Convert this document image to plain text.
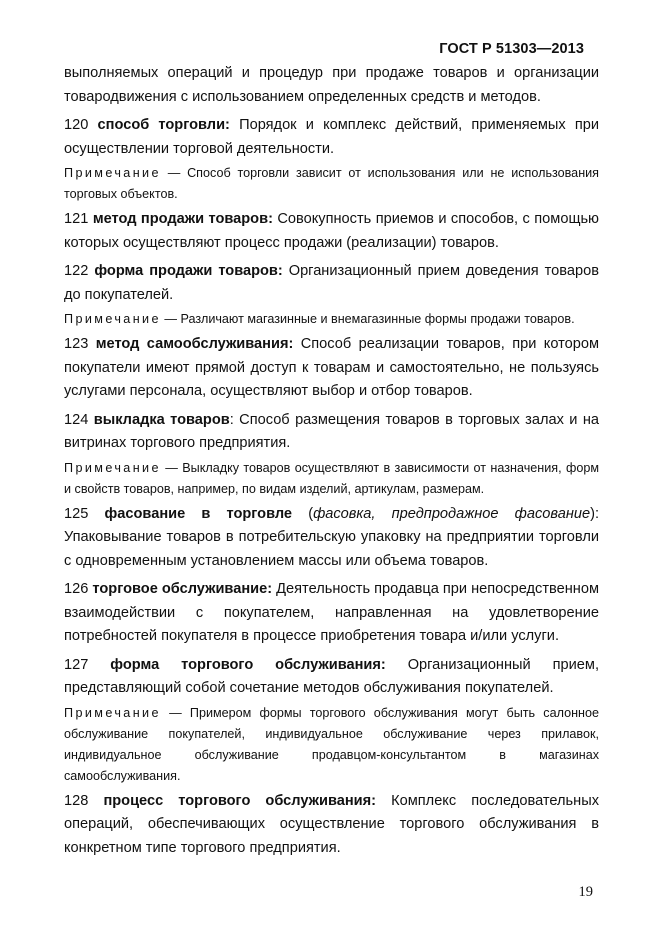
ГОСТ Р 51303—2013

выполняемых операций и процедур при продаже товаров и организации товародвижения с использованием определенных средств и методов.

120 способ торговли: Порядок и комплекс действий, применяемых при осуществлении торговой деятельности.

Примечание — Способ торговли зависит от использования или не использования торговых объектов.

121 метод продажи товаров: Совокупность приемов и способов, с помощью которых осуществляют процесс продажи (реализации) товаров.

122 форма продажи товаров: Организационный прием доведения товаров до покупателей.

Примечание — Различают магазинные и внемагазинные формы продажи товаров.

123 метод самообслуживания: Способ реализации товаров, при котором покупатели имеют прямой доступ к товарам и самостоятельно, не пользуясь услугами персонала, осуществляют выбор и отбор товаров.

124 выкладка товаров: Способ размещения товаров в торговых залах и на витринах торгового предприятия.

Примечание — Выкладку товаров осуществляют в зависимости от назначения, форм и свойств товаров, например, по видам изделий, артикулам, размерам.

125 фасование в торговле (фасовка, предпродажное фасование): Упаковывание товаров в потребительскую упаковку на предприятии торговли с одновременным установлением массы или объема товаров.

126 торговое обслуживание: Деятельность продавца при непосредственном взаимодействии с покупателем, направленная на удовлетворение потребностей покупателя в процессе приобретения товара и/или услуги.

127 форма торгового обслуживания: Организационный прием, представляющий собой сочетание методов обслуживания покупателей.

Примечание — Примером формы торгового обслуживания могут быть салонное обслуживание покупателей, индивидуальное обслуживание через прилавок, индивидуальное обслуживание продавцом-консультантом в магазинах самообслуживания.

128 процесс торгового обслуживания: Комплекс последовательных операций, обеспечивающих осуществление торгового обслуживания в конкретном типе торгового предприятия.

19
